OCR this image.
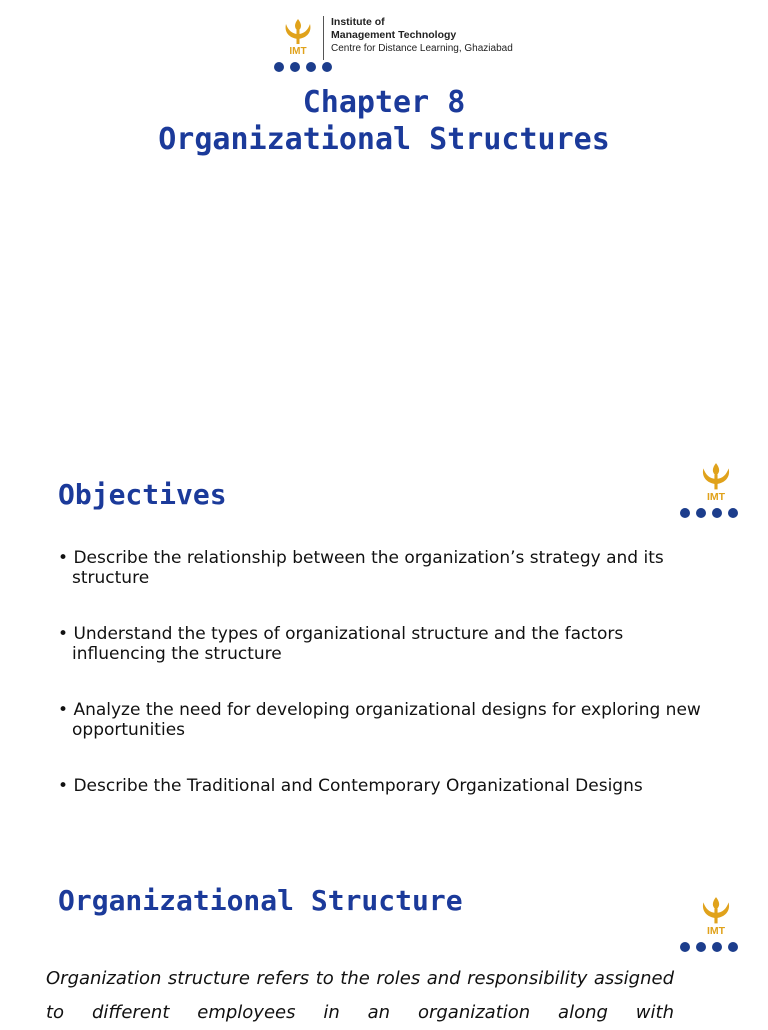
IMT
Institute of
Management Technology
Centre for Distance Learning, Ghaziabad
Chapter 8
Organizational Structures
Objectives	IMT
• Describe the relationship between the organization’s strategy and its structure
• Understand the types of organizational structure and the factors influencing the structure
• Analyze the need for developing organizational designs for exploring new opportunities
• Describe the Traditional and Contemporary Organizational Designs
Organizational Structure
IMT
Organization structure refers to the roles and responsibility assigned to different employees in an organization along with
